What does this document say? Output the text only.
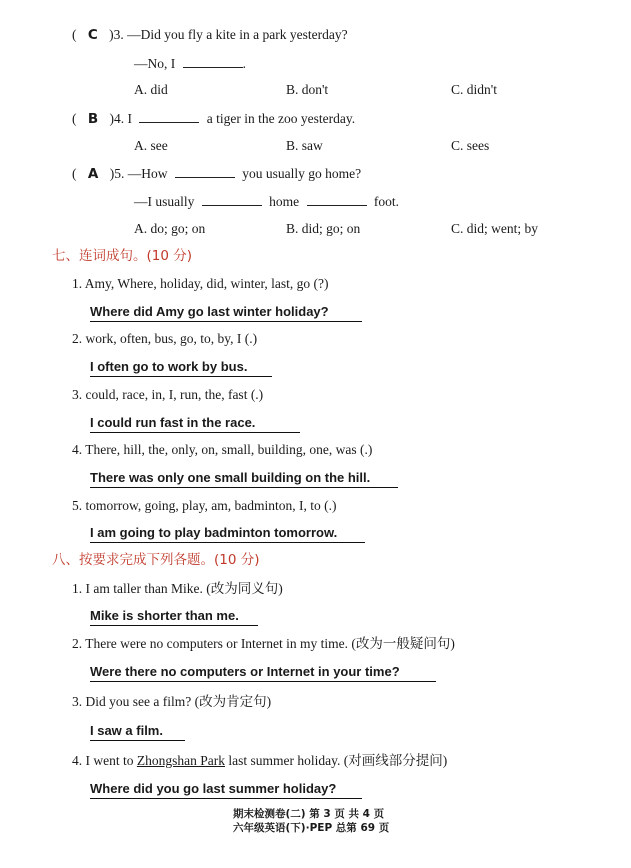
( C )3. —Did you fly a kite in a park yesterday?
—No, I	.
A. did	B. don't	C. didn't
( B )4. I	a tiger in the zoo yesterday.
A. see	B. saw	C. sees
( A )5. —How	you usually go home?
—I usually	home	foot.
A. do; go; on	B. did; go; on	C. did; went; by
七、连词成句。(10 分)
1. Amy, Where, holiday, did, winter, last, go (?)
Where did Amy go last winter holiday?
2. work, often, bus, go, to, by, I (.)
I often go to work by bus.
3. could, race, in, I, run, the, fast (.)
I could run fast in the race.
4. There, hill, the, only, on, small, building, one, was (.)
There was only one small building on the hill.
5. tomorrow, going, play, am, badminton, I, to (.)
I am going to play badminton tomorrow.
八、按要求完成下列各题。(10 分)
1. I am taller than Mike. (改为同义句)
Mike is shorter than me.
2. There were no computers or Internet in my time. (改为一般疑问句)
Were there no computers or Internet in your time?
3. Did you see a film? (改为肯定句)
I saw a film.
4. I went to Zhongshan Park last summer holiday. (对画线部分提问)
Where did you go last summer holiday?
期末检测卷(二) 第 3 页 共 4 页
六年级英语(下)·PEP 总第 69 页
